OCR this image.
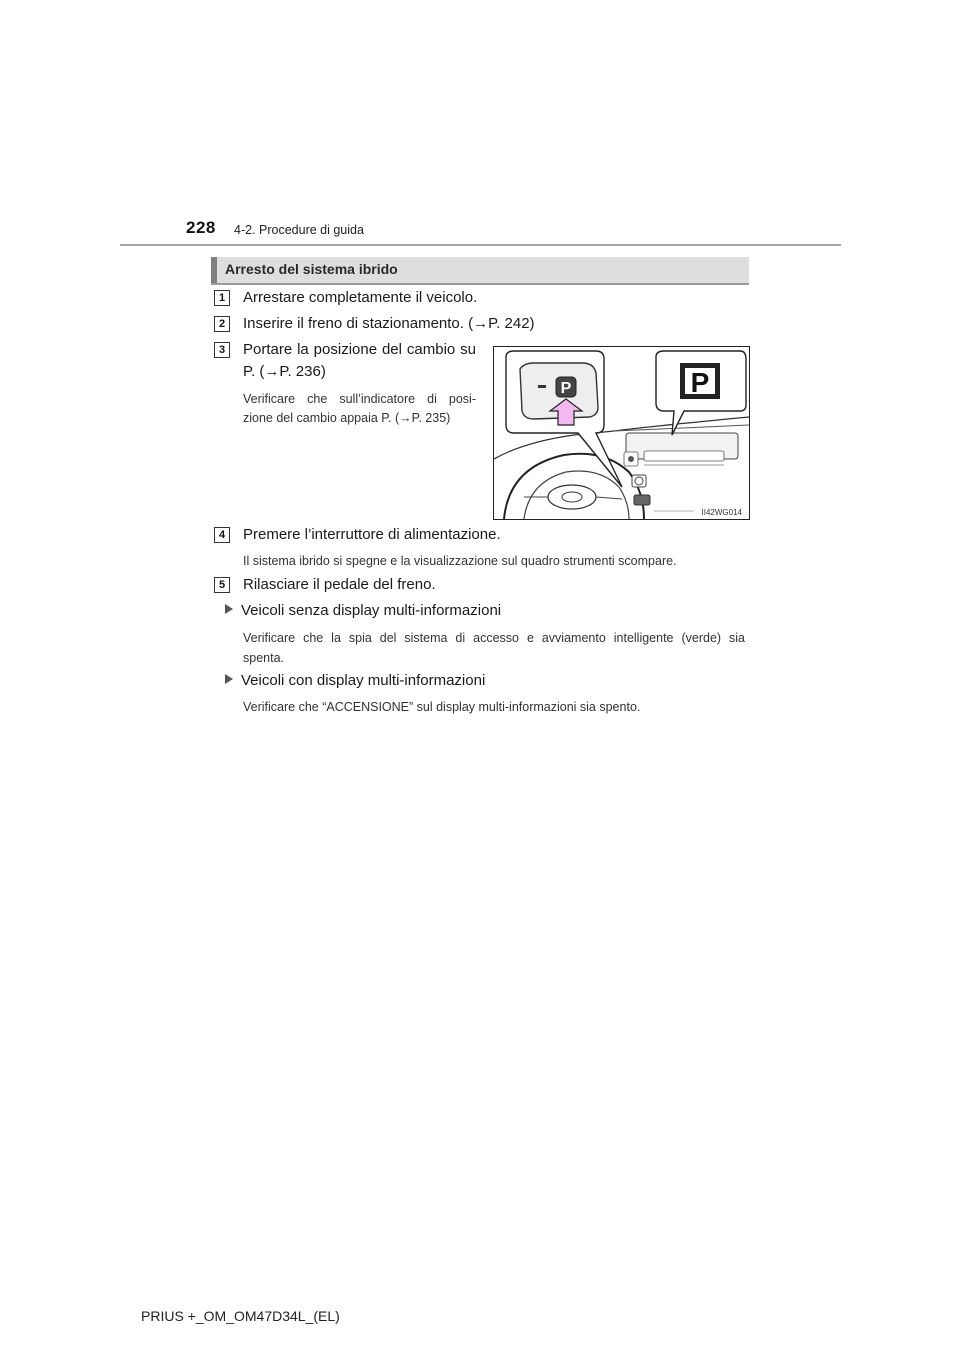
228 4-2. Procedure di guida
Arresto del sistema ibrido
1	Arrestare completamente il veicolo.
2	Inserire il freno di stazionamento. (→P. 242)
3	Portare la posizione del cambio su
P. (→P. 236)
Verificare che sull’indicatore di posi-
zione del cambio appaia P. (→P. 235)
P	P
II42WG014
4	Premere l’interruttore di alimentazione.
Il sistema ibrido si spegne e la visualizzazione sul quadro strumenti scompare.
5	Rilasciare il pedale del freno.
Veicoli senza display multi-informazioni
Verificare che la spia del sistema di accesso e avviamento intelligente (verde) sia
spenta.
Veicoli con display multi-informazioni
Verificare che “ACCENSIONE” sul display multi-informazioni sia spento.
PRIUS +_OM_OM47D34L_(EL)
